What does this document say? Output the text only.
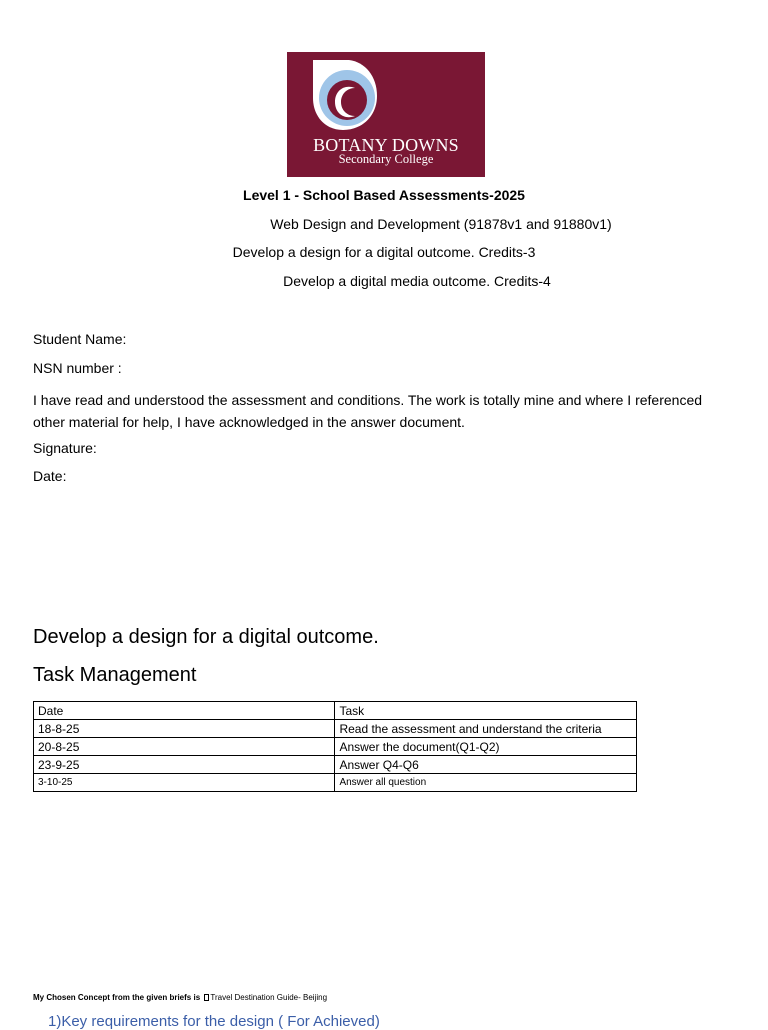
BOTANY DOWNS
Secondary College
Level 1 - School Based Assessments-2025
Web Design and Development (91878v1 and 91880v1)
Develop a design for a digital outcome. Credits-3
Develop a digital media outcome. Credits-4
Student Name:
NSN number :
I have read and understood the assessment and conditions. The work is totally mine and where I referenced other material for help, I have acknowledged in the answer document.
Signature:
Date:
Develop a design for a digital outcome.
Task Management
Date	Task
18-8-25	Read the assessment and understand the criteria
20-8-25	Answer the document(Q1-Q2)
23-9-25	Answer Q4-Q6
3-10-25	Answer all question
My Chosen Concept from the given briefs is Travel Destination Guide- Beijing
1)Key requirements for the design ( For Achieved)
